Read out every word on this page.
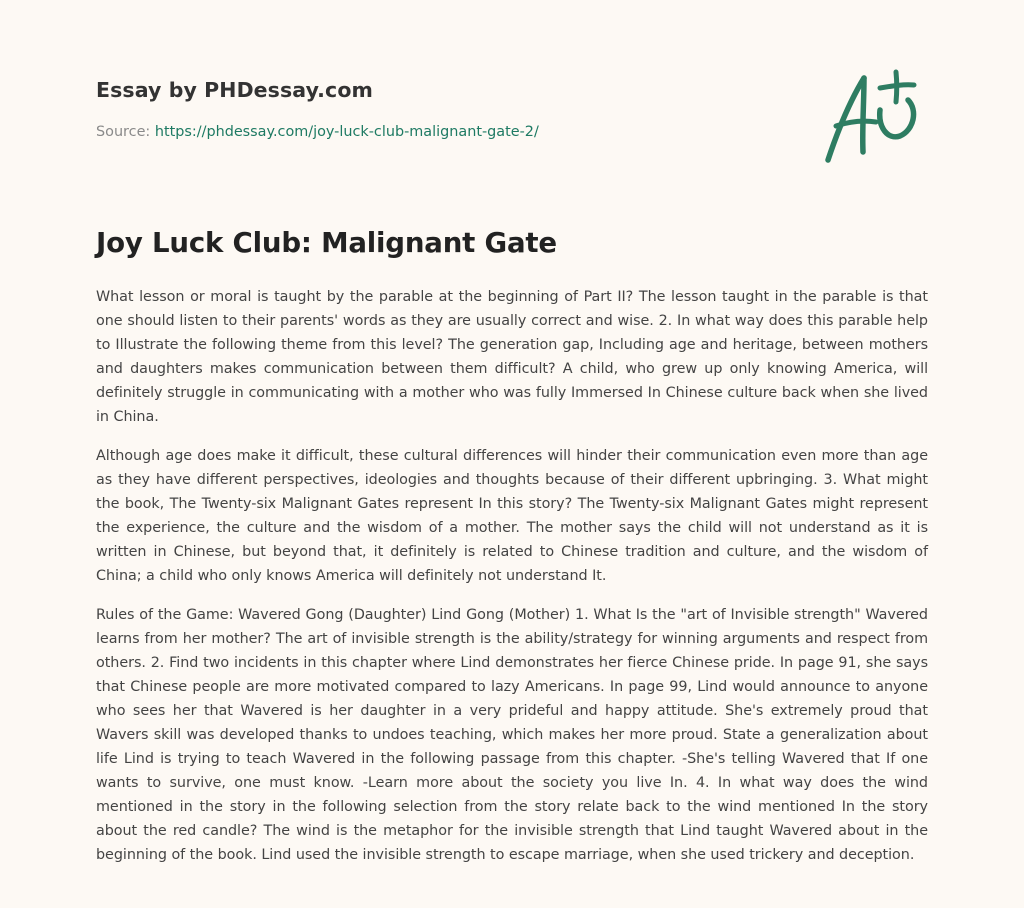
Essay by PHDessay.com
Source: https://phdessay.com/joy-luck-club-malignant-gate-2/
Joy Luck Club: Malignant Gate

What lesson or moral is taught by the parable at the beginning of Part II? The lesson taught in the parable is that one should listen to their parents' words as they are usually correct and wise. 2. In what way does this parable help to Illustrate the following theme from this level? The generation gap, Including age and heritage, between mothers and daughters makes communication between them difficult? A child, who grew up only knowing America, will definitely struggle in communicating with a mother who was fully Immersed In Chinese culture back when she lived in China.

Although age does make it difficult, these cultural differences will hinder their communication even more than age as they have different perspectives, ideologies and thoughts because of their different upbringing. 3. What might the book, The Twenty-six Malignant Gates represent In this story? The Twenty-six Malignant Gates might represent the experience, the culture and the wisdom of a mother. The mother says the child will not understand as it is written in Chinese, but beyond that, it definitely is related to Chinese tradition and culture, and the wisdom of China; a child who only knows America will definitely not understand It.

Rules of the Game: Wavered Gong (Daughter) Lind Gong (Mother) 1. What Is the "art of Invisible strength" Wavered learns from her mother? The art of invisible strength is the ability/strategy for winning arguments and respect from others. 2. Find two incidents in this chapter where Lind demonstrates her fierce Chinese pride. In page 91, she says that Chinese people are more motivated compared to lazy Americans. In page 99, Lind would announce to anyone who sees her that Wavered is her daughter in a very prideful and happy attitude. She's extremely proud that Wavers skill was developed thanks to undoes teaching, which makes her more proud. State a generalization about life Lind is trying to teach Wavered in the following passage from this chapter. -She's telling Wavered that If one wants to survive, one must know. -Learn more about the society you live In. 4. In what way does the wind mentioned in the story in the following selection from the story relate back to the wind mentioned In the story about the red candle? The wind is the metaphor for the invisible strength that Lind taught Wavered about in the beginning of the book. Lind used the invisible strength to escape marriage, when she used trickery and deception.
